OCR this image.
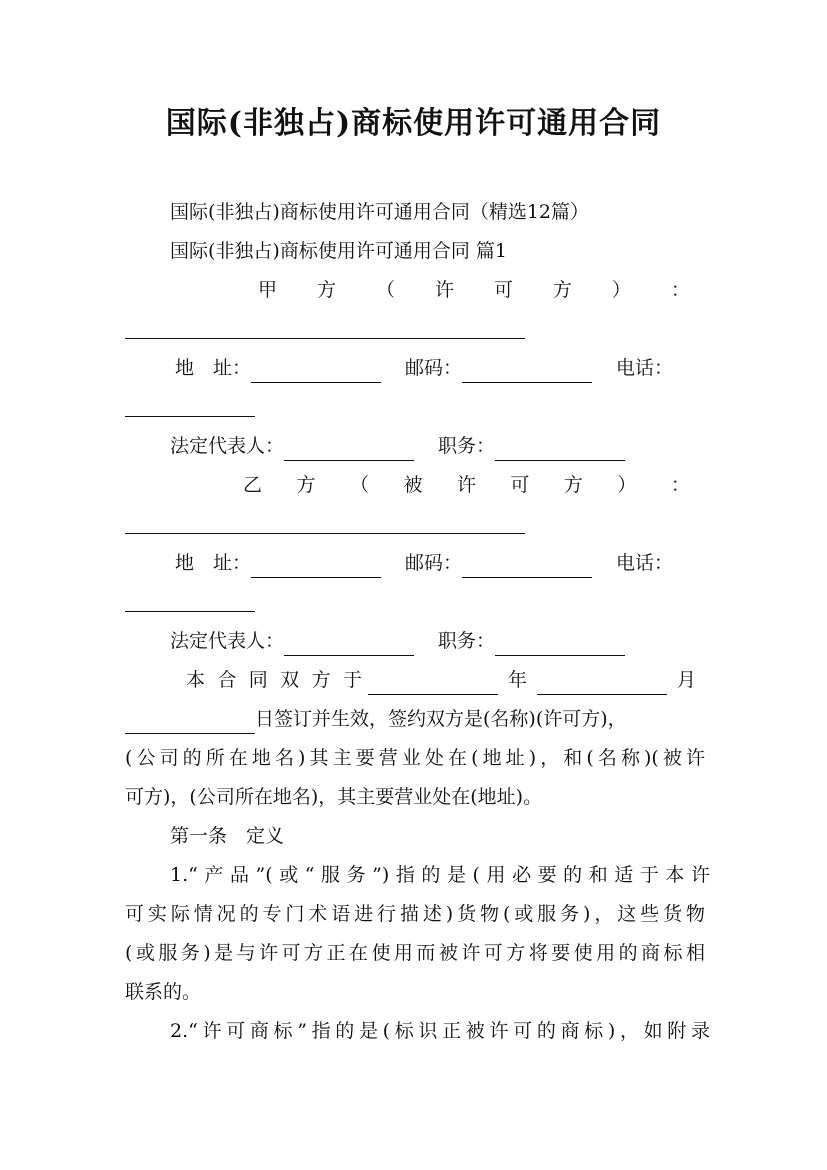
国际(非独占)商标使用许可通用合同
国际(非独占)商标使用许可通用合同（精选12篇）
国际(非独占)商标使用许可通用合同 篇1
甲 方 （ 许 可 方 ） ：
地　址：	邮码：	电话：
法定代表人：	职务：
乙 方 （ 被 许 可 方 ） ：
地　址：	邮码：	电话：
法定代表人：	职务：
本 合 同 双 方 于	年	月
日签订并生效，签约双方是(名称)(许可方)，
(公司的所在地名)其主要营业处在(地址)，和(名称)(被许
可方)，(公司所在地名)，其主要营业处在(地址)。
第一条　定义
1.“产品”(或“服务”)指的是(用必要的和适于本许
可实际情况的专门术语进行描述)货物(或服务)，这些货物
(或服务)是与许可方正在使用而被许可方将要使用的商标相
联系的。
2.“许可商标”指的是(标识正被许可的商标)，如附录
